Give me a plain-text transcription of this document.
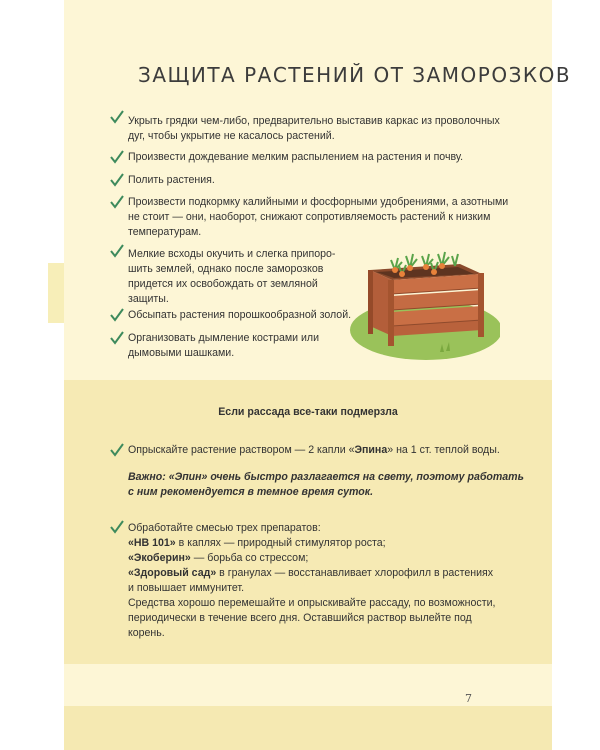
ЗАЩИТА РАСТЕНИЙ ОТ ЗАМОРОЗКОВ
Укрыть грядки чем-либо, предварительно выставив каркас из проволочных
дуг, чтобы укрытие не касалось растений.
Произвести дождевание мелким распылением на растения и почву.
Полить растения.
Произвести подкормку калийными и фосфорными удобрениями, а азотными
не стоит — они, наоборот, снижают сопротивляемость растений к низким
температурам.
Мелкие всходы окучить и слегка припоро-
шить землей, однако после заморозков
придется их освобождать от земляной
защиты.
Обсыпать растения порошкообразной золой.
Организовать дымление кострами или
дымовыми шашками.
Если рассада все-таки подмерзла
Опрыскайте растение раствором — 2 капли «Эпина» на 1 ст. теплой воды.
Важно: «Эпин» очень быстро разлагается на свету, поэтому работать
с ним рекомендуется в темное время суток.
Обработайте смесью трех препаратов:
«НВ 101» в каплях — природный стимулятор роста;
«Экоберин» — борьба со стрессом;
«Здоровый сад» в гранулах — восстанавливает хлорофилл в растениях
и повышает иммунитет.
Средства хорошо перемешайте и опрыскивайте рассаду, по возможности,
периодически в течение всего дня. Оставшийся раствор вылейте под
корень.
7
